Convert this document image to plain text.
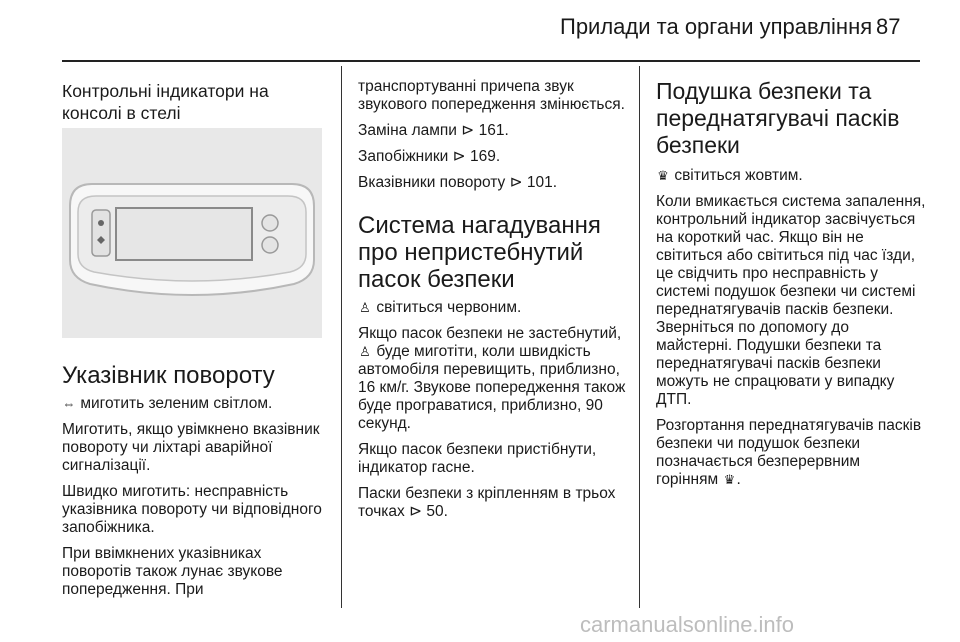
Прилади та органи управління 87
Контрольні індикатори на консолі в стелі
Указівник повороту

⇔ миготить зеленим світлом.

Миготить, якщо увімкнено вказівник повороту чи ліхтарі аварійної сигналізації.

Швидко миготить: несправність указівника повороту чи відповідного запобіжника.

При ввімкнених указівниках поворотів також лунає звукове попередження. При

транспортуванні причепа звук звукового попередження змінюється.

Заміна лампи ⊳ 161.

Запобіжники ⊳ 169.

Вказівники повороту ⊳ 101.

Система нагадування про непристебнутий пасок безпеки

♙ світиться червоним.

Якщо пасок безпеки не застебнутий, ♙ буде миготіти, коли швидкість автомобіля перевищить, приблизно, 16 км/г. Звукове попередження також буде програватися, приблизно, 90 секунд.

Якщо пасок безпеки пристібнути, індикатор гасне.

Паски безпеки з кріпленням в трьох точках ⊳ 50.

Подушка безпеки та переднатягувачі пасків безпеки

♛ світиться жовтим.

Коли вмикається система запалення, контрольний індикатор засвічується на короткий час. Якщо він не світиться або світиться під час їзди, це свідчить про несправність у системі подушок безпеки чи системі переднатягувачів пасків безпеки. Зверніться по допомогу до майстерні. Подушки безпеки та переднатягувачі пасків безпеки можуть не спрацювати у випадку ДТП.

Розгортання переднатягувачів пасків безпеки чи подушок безпеки позначається безперервним горінням ♛.

carmanualsonline.info
